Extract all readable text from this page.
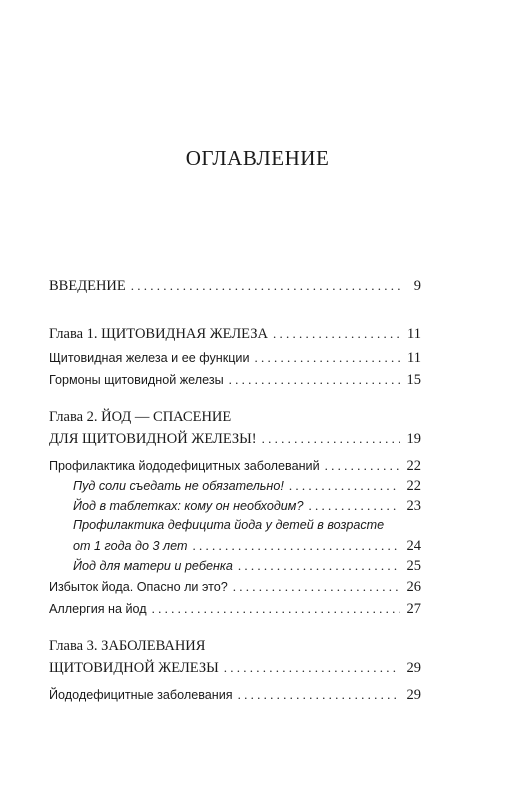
ОГЛАВЛЕНИЕ
ВВЕДЕНИЕ . . .	9
Глава 1. ЩИТОВИДНАЯ ЖЕЛЕЗА . . .	11
Щитовидная железа и ее функции . . .	11
Гормоны щитовидной железы . . .	15
Глава 2. ЙОД — СПАСЕНИЕ
ДЛЯ ЩИТОВИДНОЙ ЖЕЛЕЗЫ! . . .	19
Профилактика йододефицитных заболеваний . . .	22
Пуд соли съедать не обязательно! . . .	22
Йод в таблетках: кому он необходим? . . .	23
Профилактика дефицита йода у детей в возрасте
от 1 года до 3 лет . . .	24
Йод для матери и ребенка . . .	25
Избыток йода. Опасно ли это? . . .	26
Аллергия на йод . . .	27
Глава 3. ЗАБОЛЕВАНИЯ
ЩИТОВИДНОЙ ЖЕЛЕЗЫ . . .	29
Йододефицитные заболевания . . .	29
